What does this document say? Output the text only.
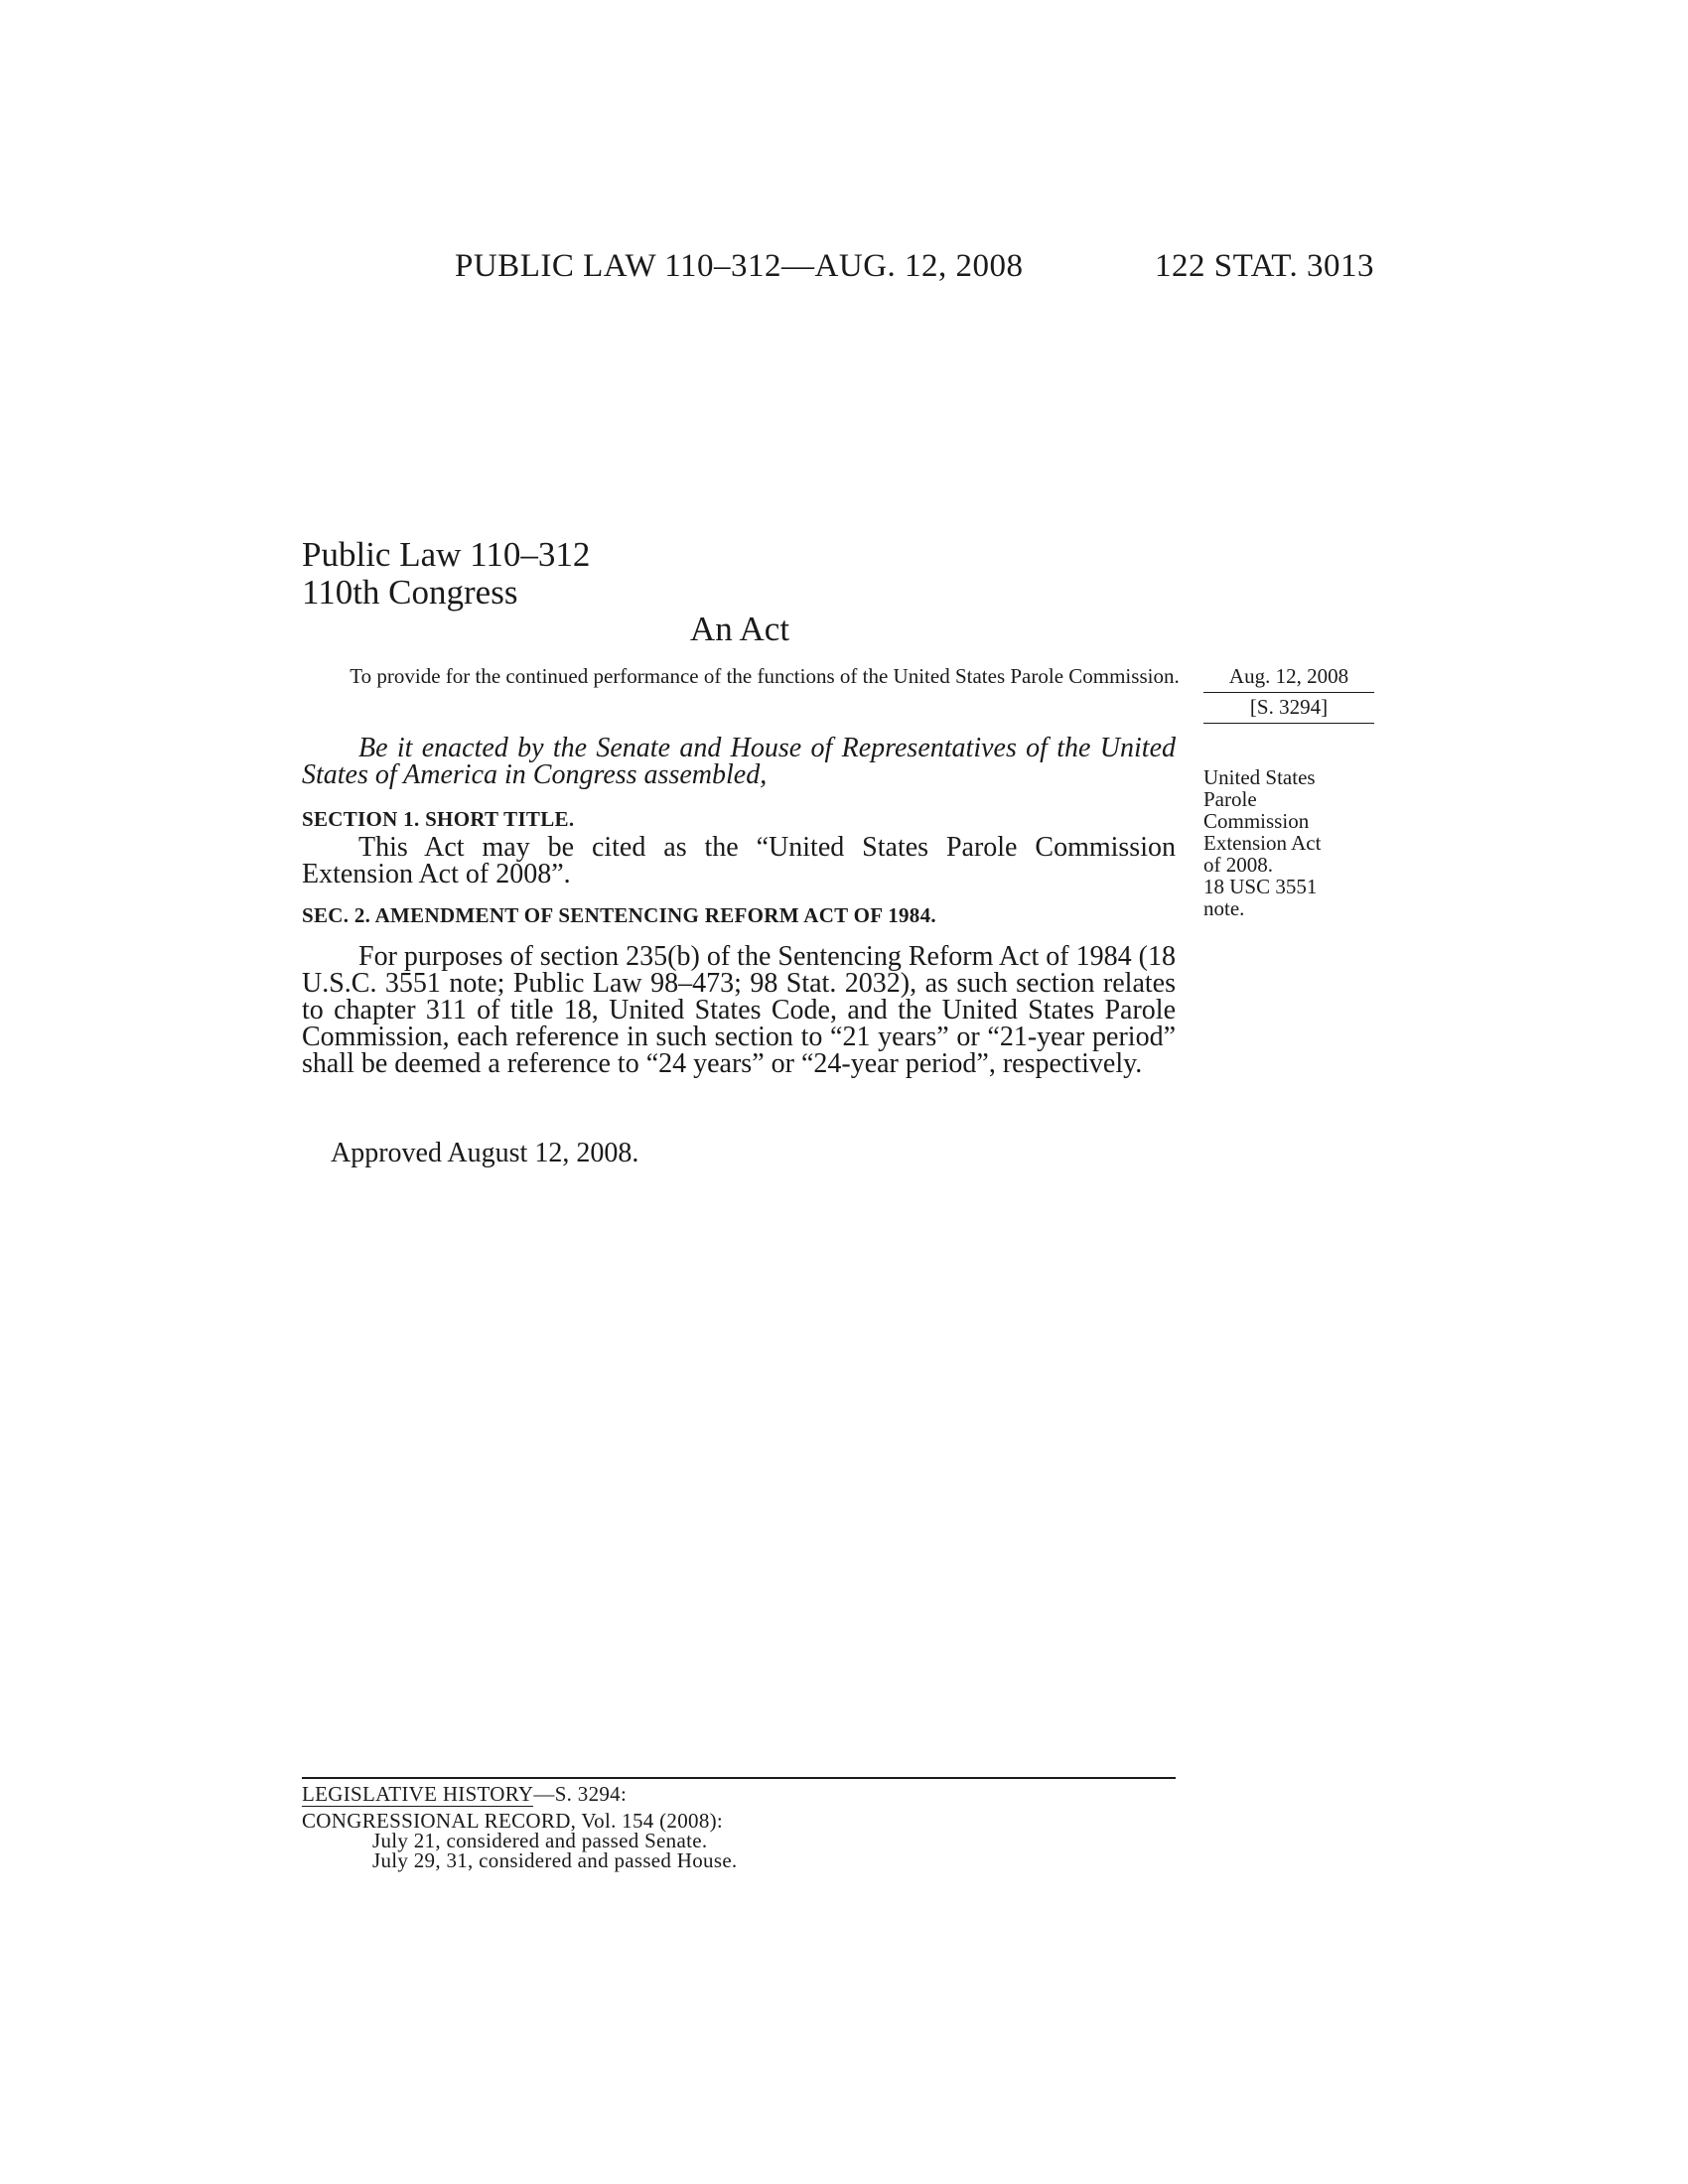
PUBLIC LAW 110–312—AUG. 12, 2008	122 STAT. 3013
Public Law 110–312
110th Congress
An Act
To provide for the continued performance of the functions of the United States Parole Commission.	Aug. 12, 2008
[S. 3294]
Be it enacted by the Senate and House of Representatives of the United States of America in Congress assembled,	United States
Parole
Commission
Extension Act
of 2008.
18 USC 3551
note.
SECTION 1. SHORT TITLE.
This Act may be cited as the “United States Parole Commission Extension Act of 2008”.
SEC. 2. AMENDMENT OF SENTENCING REFORM ACT OF 1984.
For purposes of section 235(b) of the Sentencing Reform Act of 1984 (18 U.S.C. 3551 note; Public Law 98–473; 98 Stat. 2032), as such section relates to chapter 311 of title 18, United States Code, and the United States Parole Commission, each reference in such section to “21 years” or “21-year period” shall be deemed a reference to “24 years” or “24-year period”, respectively.
Approved August 12, 2008.
LEGISLATIVE HISTORY—S. 3294:
CONGRESSIONAL RECORD, Vol. 154 (2008):
July 21, considered and passed Senate.
July 29, 31, considered and passed House.
